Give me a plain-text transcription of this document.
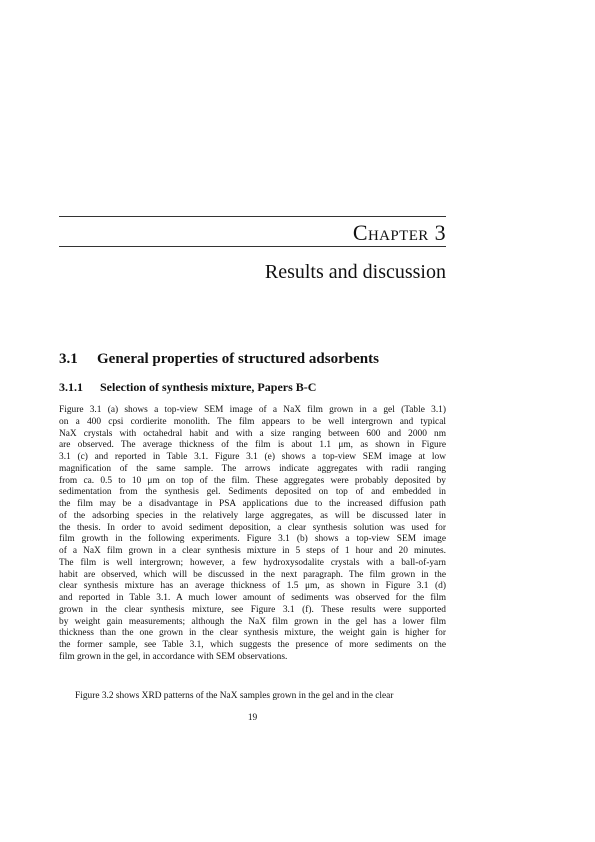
Chapter 3
Results and discussion
3.1 General properties of structured adsorbents
3.1.1 Selection of synthesis mixture, Papers B-C
Figure 3.1 (a) shows a top-view SEM image of a NaX film grown in a gel (Table 3.1)
on a 400 cpsi cordierite monolith. The film appears to be well intergrown and typical
NaX crystals with octahedral habit and with a size ranging between 600 and 2000 nm
are observed. The average thickness of the film is about 1.1 μm, as shown in Figure
3.1 (c) and reported in Table 3.1. Figure 3.1 (e) shows a top-view SEM image at low
magnification of the same sample. The arrows indicate aggregates with radii ranging
from ca. 0.5 to 10 μm on top of the film. These aggregates were probably deposited by
sedimentation from the synthesis gel. Sediments deposited on top of and embedded in
the film may be a disadvantage in PSA applications due to the increased diffusion path
of the adsorbing species in the relatively large aggregates, as will be discussed later in
the thesis. In order to avoid sediment deposition, a clear synthesis solution was used for
film growth in the following experiments. Figure 3.1 (b) shows a top-view SEM image
of a NaX film grown in a clear synthesis mixture in 5 steps of 1 hour and 20 minutes.
The film is well intergrown; however, a few hydroxysodalite crystals with a ball-of-yarn
habit are observed, which will be discussed in the next paragraph. The film grown in the
clear synthesis mixture has an average thickness of 1.5 μm, as shown in Figure 3.1 (d)
and reported in Table 3.1. A much lower amount of sediments was observed for the film
grown in the clear synthesis mixture, see Figure 3.1 (f). These results were supported
by weight gain measurements; although the NaX film grown in the gel has a lower film
thickness than the one grown in the clear synthesis mixture, the weight gain is higher for
the former sample, see Table 3.1, which suggests the presence of more sediments on the
film grown in the gel, in accordance with SEM observations.

Figure 3.2 shows XRD patterns of the NaX samples grown in the gel and in the clear

19
